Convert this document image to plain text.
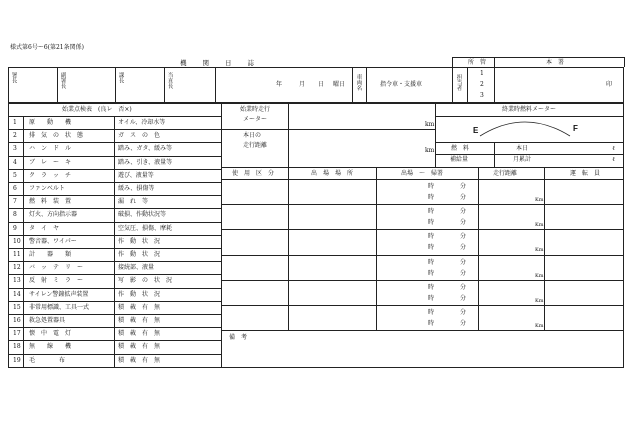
様式第6号ー6(第21条関係)
機　　関　　日　　誌	所　管	本　署
署長	副署長	課長	当直長	年	月 日 曜日 車両名	指令車・支援車	担当者
1
2
3
印
始業点検表　(良レ　否×)
1 原　　動　　機	オイル、冷却水等
2 排　気　の　状　態	ガ　ス　の　色
3 ハ　ン　ド　ル	踏み、ガタ、緩み等
4 ブ　レ　ー　キ	踏み、引き、液量等
5 ク　ラ　ッ　チ	遊び、液量等
6 ファンベルト	緩み、損傷等
7 燃　料　装　置	漏　れ　等
8 灯火、方向指示器	破損、作動状況等
9 タ　イ　ヤ	空気圧、損傷、摩耗
10 警音器、ワイパー	作　動　状　況
11 計　　器　　類	作　動　状　況
12 バ　ッ　テ　リ　ー	接続部、液量
13 反　射　ミ　ラ　ー	写　影　の　状　況
14 サイレン警鐘拡声装置	作　動　状　況
15 非常用標識、工具一式	積　載　有　無
16 救急処置器具	積　載　有　無
17 懐　中　電　灯	積　載　有　無
18 無　　線　　機	積　載　有　無
19 毛　　　　布	積　載　有　無
始業時走行
メーター
km
本日の
走行距離
km
終業時燃料メーター
E	F
燃　料	本日	ℓ
補給量	月累計	ℓ
使　用　区　分	出　場　場　所	出場　〜　帰署	走行距離	運　転　員
時	分
時	分	Km
時	分
時	分	Km
時	分
時	分	Km
時	分
時	分	Km
時	分
時	分	Km
時	分
時	分	Km
備　考
